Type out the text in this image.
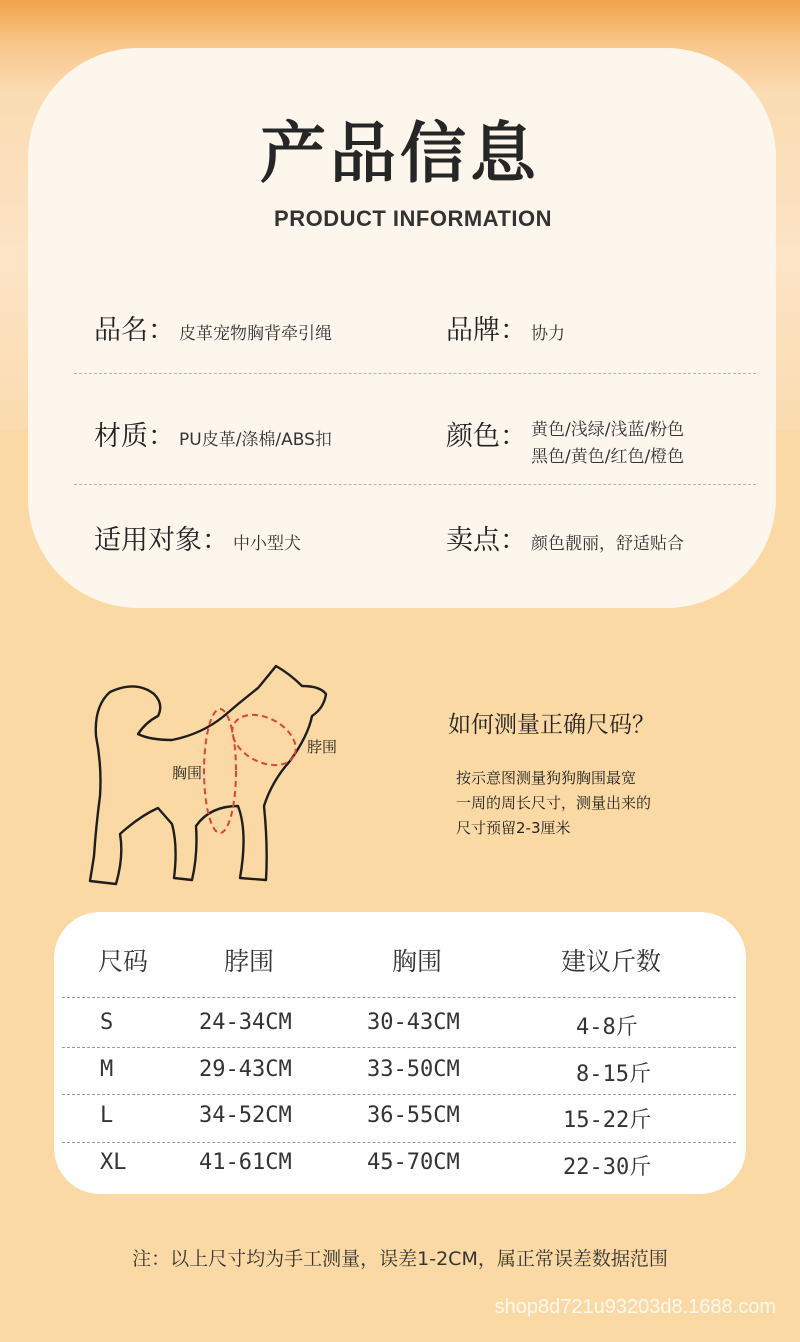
产品信息
PRODUCT INFORMATION
品名： 皮革宠物胸背牵引绳	品牌： 协力
材质： PU皮革/涤棉/ABS扣	颜色： 黄色/浅绿/浅蓝/粉色
黑色/黄色/红色/橙色
适用对象： 中小型犬	卖点： 颜色靓丽，舒适贴合
胸围
脖围
如何测量正确尺码？
按示意图测量狗狗胸围最宽
一周的周长尺寸，测量出来的
尺寸预留2-3厘米
尺码	脖围	胸围	建议斤数
S	24-34CM	30-43CM	4-8斤
M	29-43CM	33-50CM	8-15斤
L	34-52CM	36-55CM	15-22斤
XL	41-61CM	45-70CM	22-30斤
注：以上尺寸均为手工测量，误差1-2CM，属正常误差数据范围
shop8d721u93203d8.1688.com
